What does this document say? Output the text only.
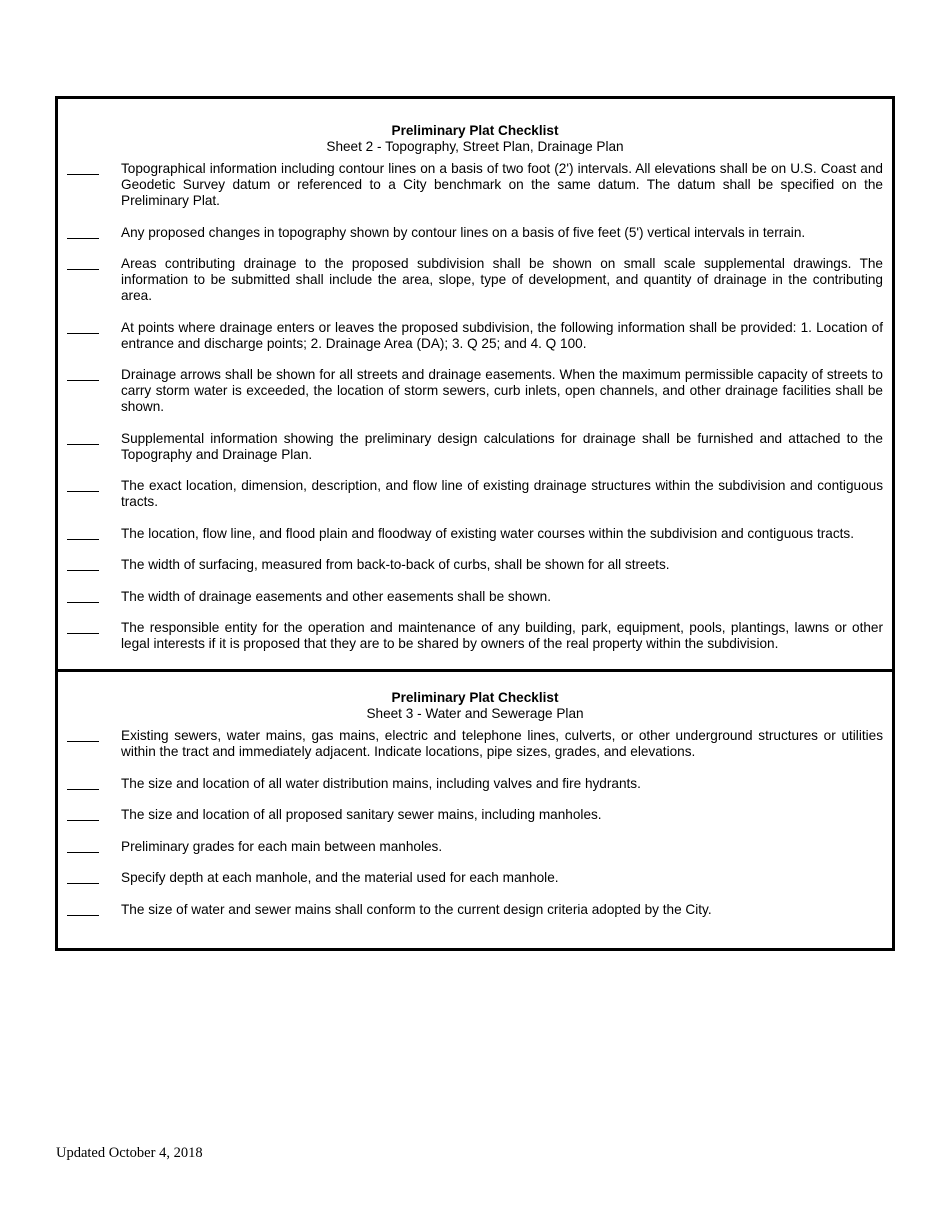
Preliminary Plat Checklist
Sheet 2 - Topography, Street Plan, Drainage Plan
Topographical information including contour lines on a basis of two foot (2') intervals. All elevations shall be on U.S. Coast and Geodetic Survey datum or referenced to a City benchmark on the same datum. The datum shall be specified on the Preliminary Plat.
Any proposed changes in topography shown by contour lines on a basis of five feet (5') vertical intervals in terrain.
Areas contributing drainage to the proposed subdivision shall be shown on small scale supplemental drawings. The information to be submitted shall include the area, slope, type of development, and quantity of drainage in the contributing area.
At points where drainage enters or leaves the proposed subdivision, the following information shall be provided: 1. Location of entrance and discharge points; 2. Drainage Area (DA); 3. Q 25; and 4. Q 100.
Drainage arrows shall be shown for all streets and drainage easements. When the maximum permissible capacity of streets to carry storm water is exceeded, the location of storm sewers, curb inlets, open channels, and other drainage facilities shall be shown.
Supplemental information showing the preliminary design calculations for drainage shall be furnished and attached to the Topography and Drainage Plan.
The exact location, dimension, description, and flow line of existing drainage structures within the subdivision and contiguous tracts.
The location, flow line, and flood plain and floodway of existing water courses within the subdivision and contiguous tracts.
The width of surfacing, measured from back-to-back of curbs, shall be shown for all streets.
The width of drainage easements and other easements shall be shown.
The responsible entity for the operation and maintenance of any building, park, equipment, pools, plantings, lawns or other legal interests if it is proposed that they are to be shared by owners of the real property within the subdivision.
Preliminary Plat Checklist
Sheet 3 - Water and Sewerage Plan
Existing sewers, water mains, gas mains, electric and telephone lines, culverts, or other underground structures or utilities within the tract and immediately adjacent. Indicate locations, pipe sizes, grades, and elevations.
The size and location of all water distribution mains, including valves and fire hydrants.
The size and location of all proposed sanitary sewer mains, including manholes.
Preliminary grades for each main between manholes.
Specify depth at each manhole, and the material used for each manhole.
The size of water and sewer mains shall conform to the current design criteria adopted by the City.
Updated October 4, 2018
